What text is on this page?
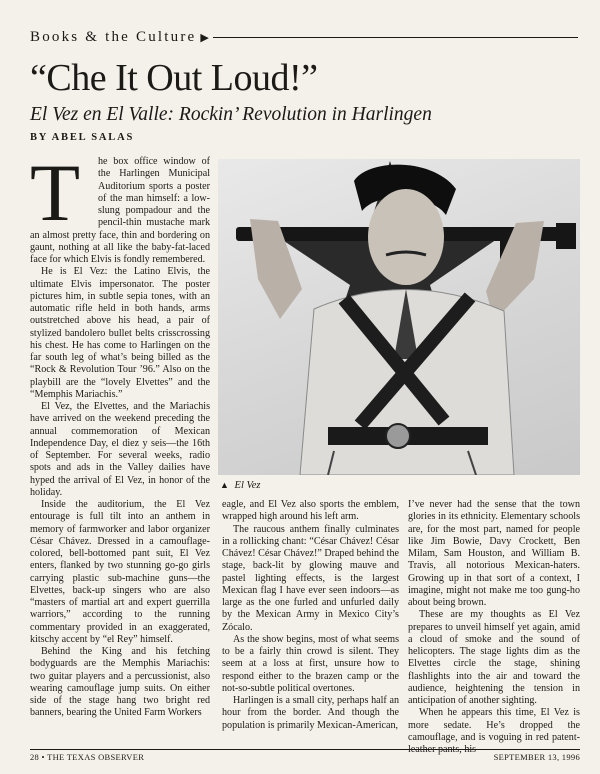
Books & the Culture ▶
“Che It Out Loud!”
El Vez en El Valle: Rockin’ Revolution in Harlingen
BY ABEL SALAS
T	he box office window of the Harlingen Municipal Auditorium sports a poster of the man himself: a low-slung pompadour and the pencil-thin mustache mark an almost pretty face, thin and bordering on gaunt, nothing at all like the baby-fat-laced face for which Elvis is fondly remembered.

He is El Vez: the Latino Elvis, the ultimate Elvis impersonator. The poster pictures him, in subtle sepia tones, with an automatic rifle held in both hands, arms outstretched above his head, a pair of stylized bandolero bullet belts crisscrossing his chest. He has come to Harlingen on the far south leg of what’s being billed as the “Rock & Revolution Tour ’96.” Also on the playbill are the “lovely Elvettes” and the “Memphis Mariachis.”

El Vez, the Elvettes, and the Mariachis have arrived on the weekend preceding the annual commemoration of Mexican Independence Day, el diez y seis—the 16th of September. For several weeks, radio spots and ads in the Valley dailies have hyped the arrival of El Vez, in honor of the holiday.

Inside the auditorium, the El Vez entourage is full tilt into an anthem in memory of farmworker and labor organizer César Chávez. Dressed in a camouflage-colored, bell-bottomed pant suit, El Vez enters, flanked by two stunning go-go girls carrying plastic sub-machine guns—the Elvettes, back-up singers who are also “masters of martial art and expert guerrilla warriors,” according to the running commentary provided in an exaggerated, kitschy accent by “el Rey” himself.

Behind the King and his fetching bodyguards are the Memphis Mariachis: two guitar players and a percussionist, also wearing camouflage jump suits. On either side of the stage hang two bright red banners, bearing the United Farm Workers

▲ El Vez

eagle, and El Vez also sports the emblem, wrapped high around his left arm.

The raucous anthem finally culminates in a rollicking chant: “César Chávez! César Chávez! César Chávez!” Draped behind the stage, back-lit by glowing mauve and pastel lighting effects, is the largest Mexican flag I have ever seen indoors—as large as the one furled and unfurled daily by the Mexican Army in Mexico City’s Zócalo.

As the show begins, most of what seems to be a fairly thin crowd is silent. They seem at a loss at first, unsure how to respond either to the brazen camp or the not-so-subtle political overtones.

Harlingen is a small city, perhaps half an hour from the border. And though the population is primarily Mexican-American,

I’ve never had the sense that the town glories in its ethnicity. Elementary schools are, for the most part, named for people like Jim Bowie, Davy Crockett, Ben Milam, Sam Houston, and William B. Travis, all notorious Mexican-haters. Growing up in that sort of a context, I imagine, might not make me too gung-ho about being brown.

These are my thoughts as El Vez prepares to unveil himself yet again, amid a cloud of smoke and the sound of helicopters. The stage lights dim as the Elvettes circle the stage, shining flashlights into the air and toward the audience, heightening the tension in anticipation of another sighting.

When he appears this time, El Vez is more sedate. He’s dropped the camouflage, and is voguing in red patent-leather pants, his

28 • THE TEXAS OBSERVER	SEPTEMBER 13, 1996
